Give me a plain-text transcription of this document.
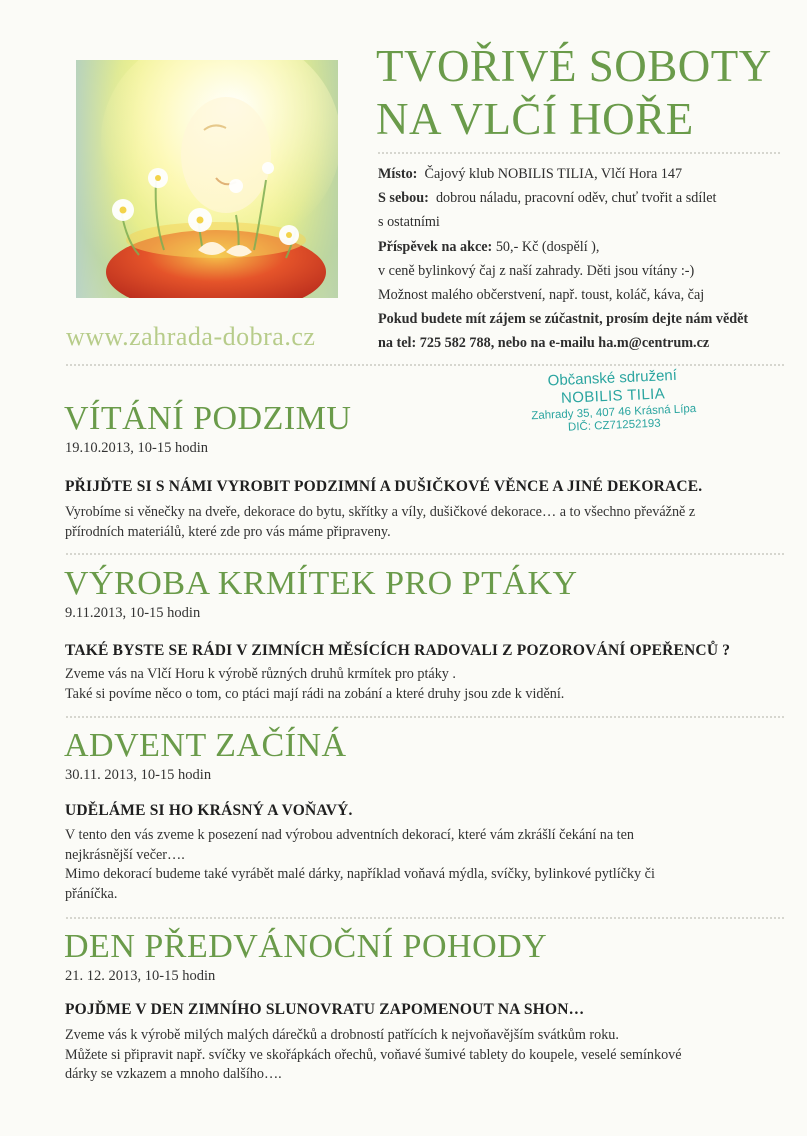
www.zahrada-dobra.cz
TVOŘIVÉ SOBOTY
NA VLČÍ HOŘE
Místo: Čajový klub NOBILIS TILIA, Vlčí Hora 147
S sebou: dobrou náladu, pracovní oděv, chuť tvořit a sdílet
s ostatními
Příspěvek na akce: 50,- Kč (dospělí ),
v ceně bylinkový čaj z naší zahrady. Děti jsou vítány :-)
Možnost malého občerstvení, např. toust, koláč, káva, čaj
Pokud budete mít zájem se zúčastnit, prosím dejte nám vědět
na tel: 725 582 788, nebo na e-mailu ha.m@centrum.cz
Občanské sdružení
NOBILIS TILIA
Zahrady 35, 407 46 Krásná Lípa
DIČ: CZ71252193
VÍTÁNÍ PODZIMU
19.10.2013, 10-15 hodin
PŘIJĎTE SI S NÁMI VYROBIT PODZIMNÍ A DUŠIČKOVÉ VĚNCE A JINÉ DEKORACE.
Vyrobíme si věnečky na dveře, dekorace do bytu, skřítky a víly, dušičkové dekorace… a to všechno převážně z
přírodních materiálů, které zde pro vás máme připraveny.
VÝROBA KRMÍTEK PRO PTÁKY
9.11.2013, 10-15 hodin
TAKÉ BYSTE SE RÁDI V ZIMNÍCH MĚSÍCÍCH RADOVALI Z POZOROVÁNÍ OPEŘENCŮ ?
Zveme vás na Vlčí Horu k výrobě různých druhů krmítek pro ptáky .
Také si povíme něco o tom, co ptáci mají rádi na zobání a které druhy jsou zde k vidění.
ADVENT ZAČÍNÁ
30.11. 2013, 10-15 hodin
UDĚLÁME SI HO KRÁSNÝ A VOŇAVÝ.
V tento den vás zveme k posezení nad výrobou adventních dekorací, které vám zkrášlí čekání na ten
nejkrásnější večer….
Mimo dekorací budeme také vyrábět malé dárky, například voňavá mýdla, svíčky, bylinkové pytlíčky či
přáníčka.
DEN PŘEDVÁNOČNÍ POHODY
21. 12. 2013, 10-15 hodin
POJĎME V DEN ZIMNÍHO SLUNOVRATU ZAPOMENOUT NA SHON…
Zveme vás k výrobě milých malých dárečků a drobností patřících k nejvoňavějším svátkům roku.
Můžete si připravit např. svíčky ve skořápkách ořechů, voňavé šumivé tablety do koupele, veselé semínkové
dárky se vzkazem a mnoho dalšího….
